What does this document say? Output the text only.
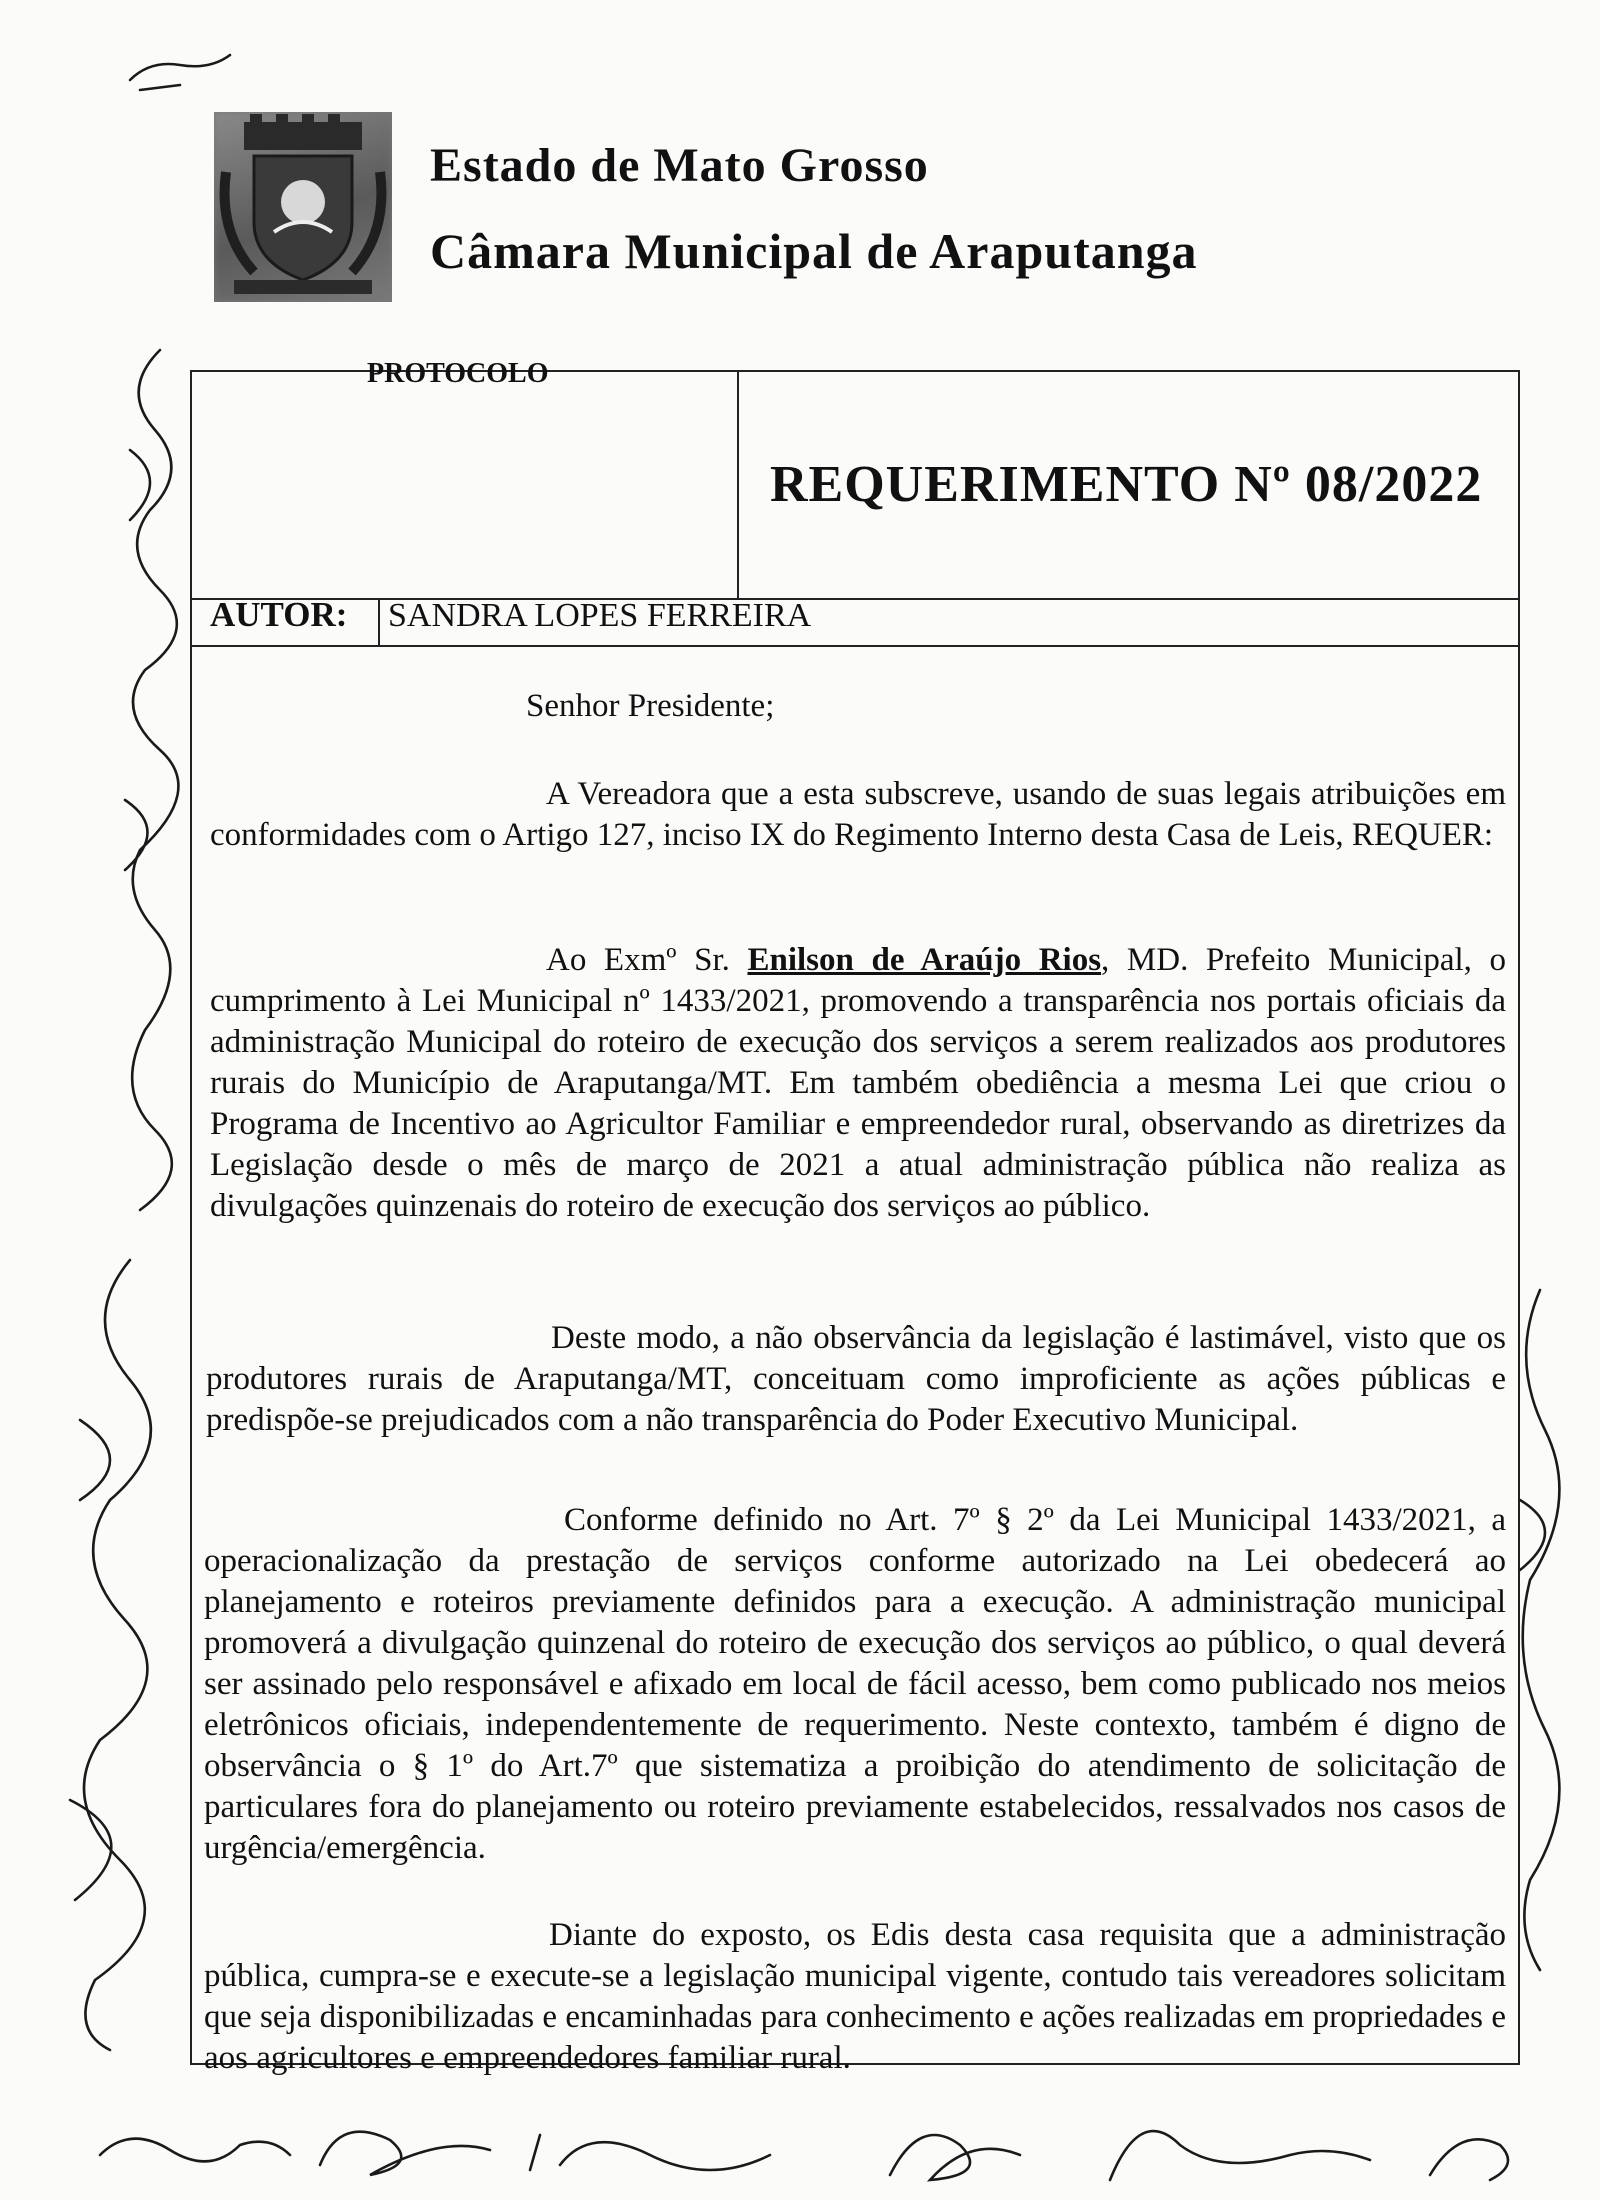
Estado de Mato Grosso
Câmara Municipal de Araputanga
PROTOCOLO
REQUERIMENTO Nº 08/2022
AUTOR: SANDRA LOPES FERREIRA
Senhor Presidente;
A Vereadora que a esta subscreve, usando de suas legais atribuições em conformidades com o Artigo 127, inciso IX do Regimento Interno desta Casa de Leis, REQUER:
Ao Exmº Sr. Enilson de Araújo Rios, MD. Prefeito Municipal, o cumprimento à Lei Municipal nº 1433/2021, promovendo a transparência nos portais oficiais da administração Municipal do roteiro de execução dos serviços a serem realizados aos produtores rurais do Município de Araputanga/MT. Em também obediência a mesma Lei que criou o Programa de Incentivo ao Agricultor Familiar e empreendedor rural, observando as diretrizes da Legislação desde o mês de março de 2021 a atual administração pública não realiza as divulgações quinzenais do roteiro de execução dos serviços ao público.
Deste modo, a não observância da legislação é lastimável, visto que os produtores rurais de Araputanga/MT, conceituam como improficiente as ações públicas e predispõe-se prejudicados com a não transparência do Poder Executivo Municipal.
Conforme definido no Art. 7º § 2º da Lei Municipal 1433/2021, a operacionalização da prestação de serviços conforme autorizado na Lei obedecerá ao planejamento e roteiros previamente definidos para a execução. A administração municipal promoverá a divulgação quinzenal do roteiro de execução dos serviços ao público, o qual deverá ser assinado pelo responsável e afixado em local de fácil acesso, bem como publicado nos meios eletrônicos oficiais, independentemente de requerimento. Neste contexto, também é digno de observância o § 1º do Art.7º que sistematiza a proibição do atendimento de solicitação de particulares fora do planejamento ou roteiro previamente estabelecidos, ressalvados nos casos de urgência/emergência.
Diante do exposto, os Edis desta casa requisita que a administração pública, cumpra-se e execute-se a legislação municipal vigente, contudo tais vereadores solicitam que seja disponibilizadas e encaminhadas para conhecimento e ações realizadas em propriedades e aos agricultores e empreendedores familiar rural.
